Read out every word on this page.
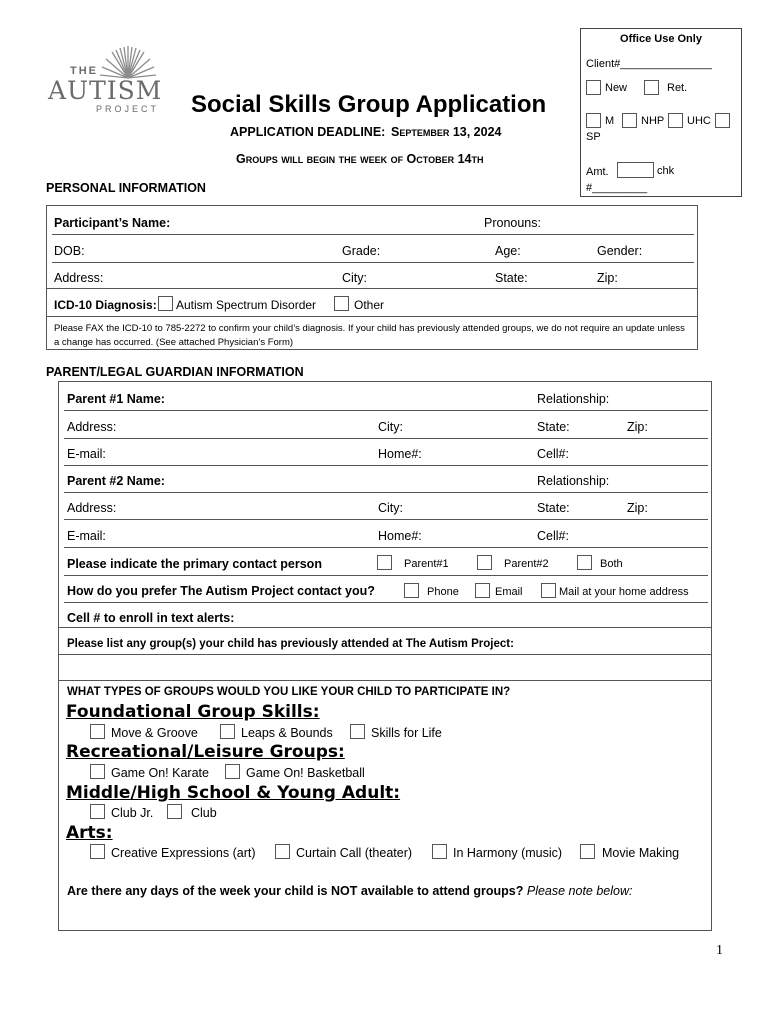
Office Use Only
Client#_______________
New	Ret.
M NHP UHC
SP
Amt.	chk
#_________
THE
AUTISM
PROJECT Social Skills Group Application
APPLICATION DEADLINE: September 13, 2024
Groups will begin the week of October 14th
PERSONAL INFORMATION
Participant’s Name:	Pronouns:
DOB:	Grade:	Age:	Gender:
Address:	City:	State:	Zip:
ICD-10 Diagnosis: Autism Spectrum Disorder	Other
Please FAX the ICD-10 to 785-2272 to confirm your child’s diagnosis. If your child has previously attended groups, we do not require an update unless a change has occurred. (See attached Physician’s Form)
PARENT/LEGAL GUARDIAN INFORMATION
Parent #1 Name:	Relationship:
Address:	City:	State:	Zip:
E-mail:	Home#:	Cell#:
Parent #2 Name:	Relationship:
Address:	City:	State:	Zip:
E-mail:	Home#:	Cell#:
Please indicate the primary contact person	Parent#1	Parent#2	Both
How do you prefer The Autism Project contact you?	Phone	Email	Mail at your home address
Cell # to enroll in text alerts:
Please list any group(s) your child has previously attended at The Autism Project:
WHAT TYPES OF GROUPS WOULD YOU LIKE YOUR CHILD TO PARTICIPATE IN?
Foundational Group Skills:
Move & Groove	Leaps & Bounds	Skills for Life
Recreational/Leisure Groups:
Game On! Karate	Game On! Basketball
Middle/High School & Young Adult:
Club Jr.	Club
Arts:
Creative Expressions (art)	Curtain Call (theater)	In Harmony (music)	Movie Making
Are there any days of the week your child is NOT available to attend groups? Please note below:
1
